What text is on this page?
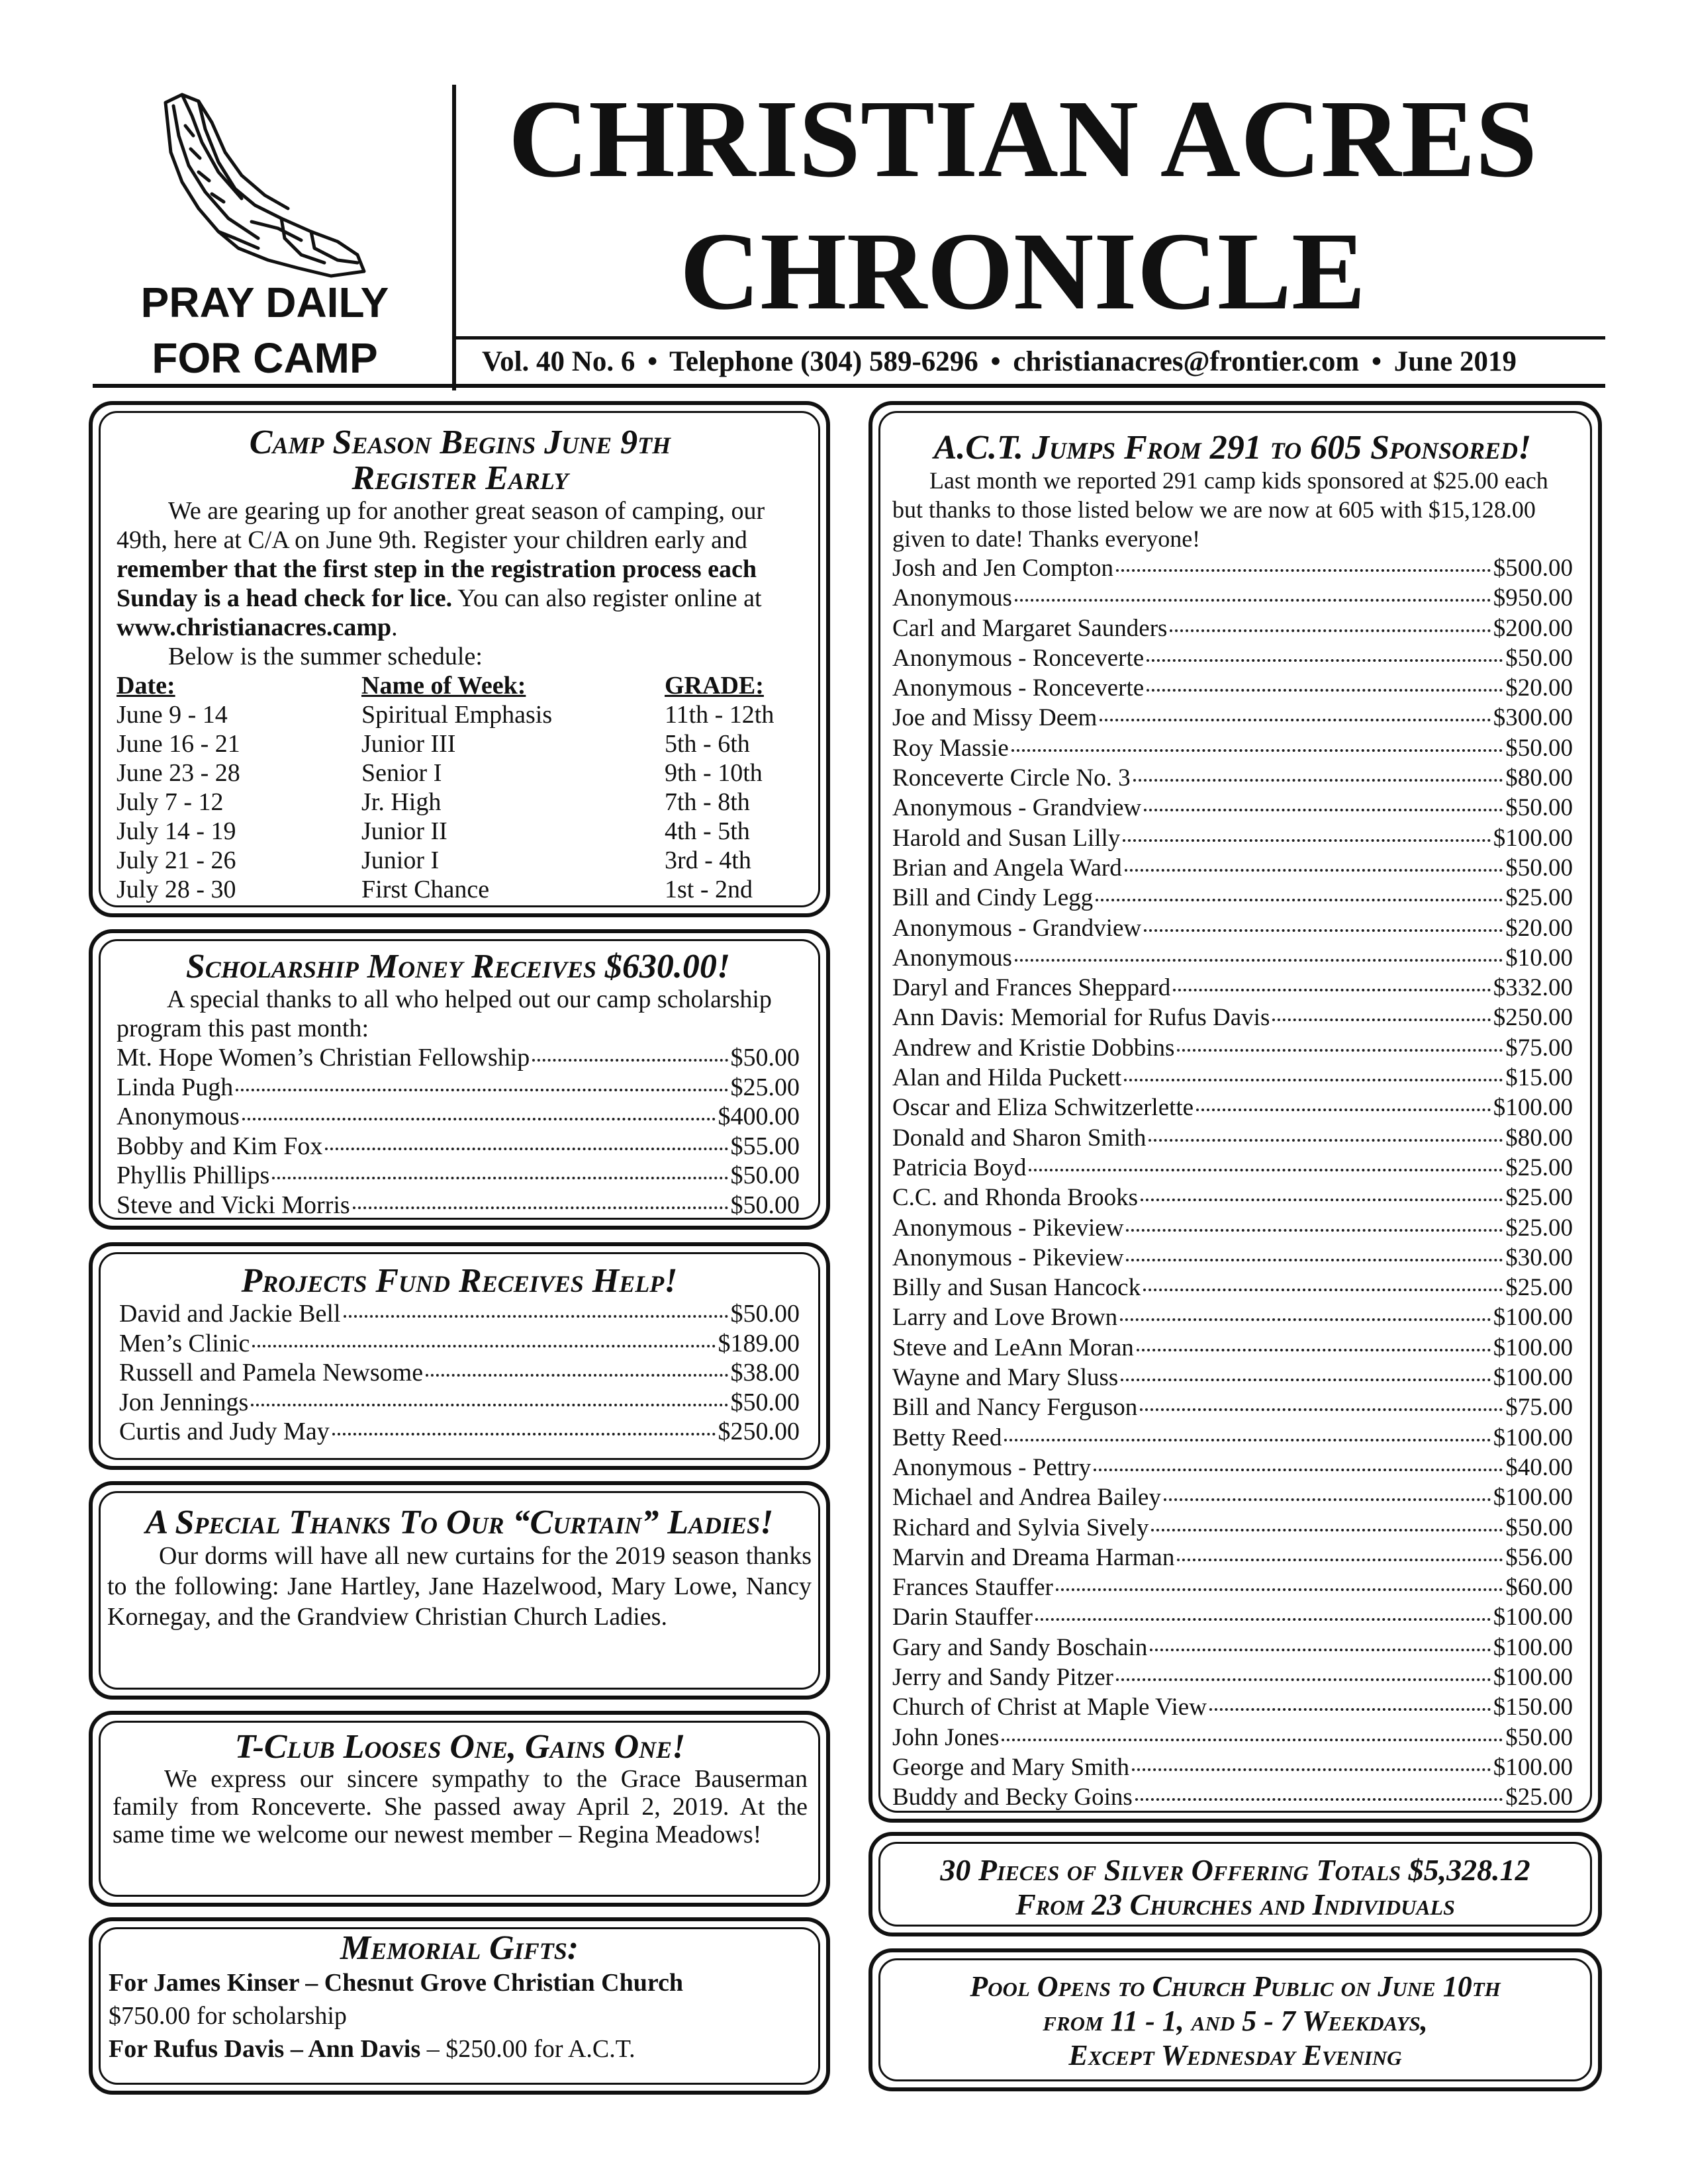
PRAY DAILY
FOR CAMP
CHRISTIAN ACRES
CHRONICLE
Vol. 40 No. 6 • Telephone (304) 589-6296 • christianacres@frontier.com • June 2019
Camp Season Begins June 9th
Register Early
We are gearing up for another great season of camping, our 49th, here at C/A on June 9th. Register your children early and remember that the first step in the registration process each Sunday is a head check for lice. You can also register online at www.christianacres.camp.
Below is the summer schedule:
Date:	Name of Week:	GRADE:
June 9 - 14	Spiritual Emphasis	11th - 12th
June 16 - 21	Junior III	5th - 6th
June 23 - 28	Senior I	9th - 10th
July 7 - 12	Jr. High	7th - 8th
July 14 - 19	Junior II	4th - 5th
July 21 - 26	Junior I	3rd - 4th
July 28 - 30	First Chance	1st - 2nd
Scholarship Money Receives $630.00!
A special thanks to all who helped out our camp scholarship program this past month:
Mt. Hope Women’s Christian Fellowship	$50.00
Linda Pugh	$25.00
Anonymous	$400.00
Bobby and Kim Fox	$55.00
Phyllis Phillips	$50.00
Steve and Vicki Morris	$50.00
Projects Fund Receives Help!
David and Jackie Bell	$50.00
Men’s Clinic	$189.00
Russell and Pamela Newsome	$38.00
Jon Jennings	$50.00
Curtis and Judy May	$250.00
A Special Thanks To Our “Curtain” Ladies!
Our dorms will have all new curtains for the 2019 season thanks to the following: Jane Hartley, Jane Hazelwood, Mary Lowe, Nancy Kornegay, and the Grandview Christian Church Ladies.
T-Club Looses One, Gains One!
We express our sincere sympathy to the Grace Bauserman family from Ronceverte. She passed away April 2, 2019. At the same time we welcome our newest member – Regina Meadows!
Memorial Gifts:
For James Kinser – Chesnut Grove Christian Church
$750.00 for scholarship
For Rufus Davis – Ann Davis – $250.00 for A.C.T.
A.C.T. Jumps From 291 to 605 Sponsored!
Last month we reported 291 camp kids sponsored at $25.00 each but thanks to those listed below we are now at 605 with $15,128.00 given to date! Thanks everyone!
Josh and Jen Compton	$500.00
Anonymous	$950.00
Carl and Margaret Saunders	$200.00
Anonymous - Ronceverte	$50.00
Anonymous - Ronceverte	$20.00
Joe and Missy Deem	$300.00
Roy Massie	$50.00
Ronceverte Circle No. 3	$80.00
Anonymous - Grandview	$50.00
Harold and Susan Lilly	$100.00
Brian and Angela Ward	$50.00
Bill and Cindy Legg	$25.00
Anonymous - Grandview	$20.00
Anonymous	$10.00
Daryl and Frances Sheppard	$332.00
Ann Davis: Memorial for Rufus Davis	$250.00
Andrew and Kristie Dobbins	$75.00
Alan and Hilda Puckett	$15.00
Oscar and Eliza Schwitzerlette	$100.00
Donald and Sharon Smith	$80.00
Patricia Boyd	$25.00
C.C. and Rhonda Brooks	$25.00
Anonymous - Pikeview	$25.00
Anonymous - Pikeview	$30.00
Billy and Susan Hancock	$25.00
Larry and Love Brown	$100.00
Steve and LeAnn Moran	$100.00
Wayne and Mary Sluss	$100.00
Bill and Nancy Ferguson	$75.00
Betty Reed	$100.00
Anonymous - Pettry	$40.00
Michael and Andrea Bailey	$100.00
Richard and Sylvia Sively	$50.00
Marvin and Dreama Harman	$56.00
Frances Stauffer	$60.00
Darin Stauffer	$100.00
Gary and Sandy Boschain	$100.00
Jerry and Sandy Pitzer	$100.00
Church of Christ at Maple View	$150.00
John Jones	$50.00
George and Mary Smith	$100.00
Buddy and Becky Goins	$25.00
30 Pieces of Silver Offering Totals $5,328.12
From 23 Churches and Individuals
Pool Opens to Church Public on June 10th
from 11 - 1, and 5 - 7 Weekdays,
Except Wednesday Evening
